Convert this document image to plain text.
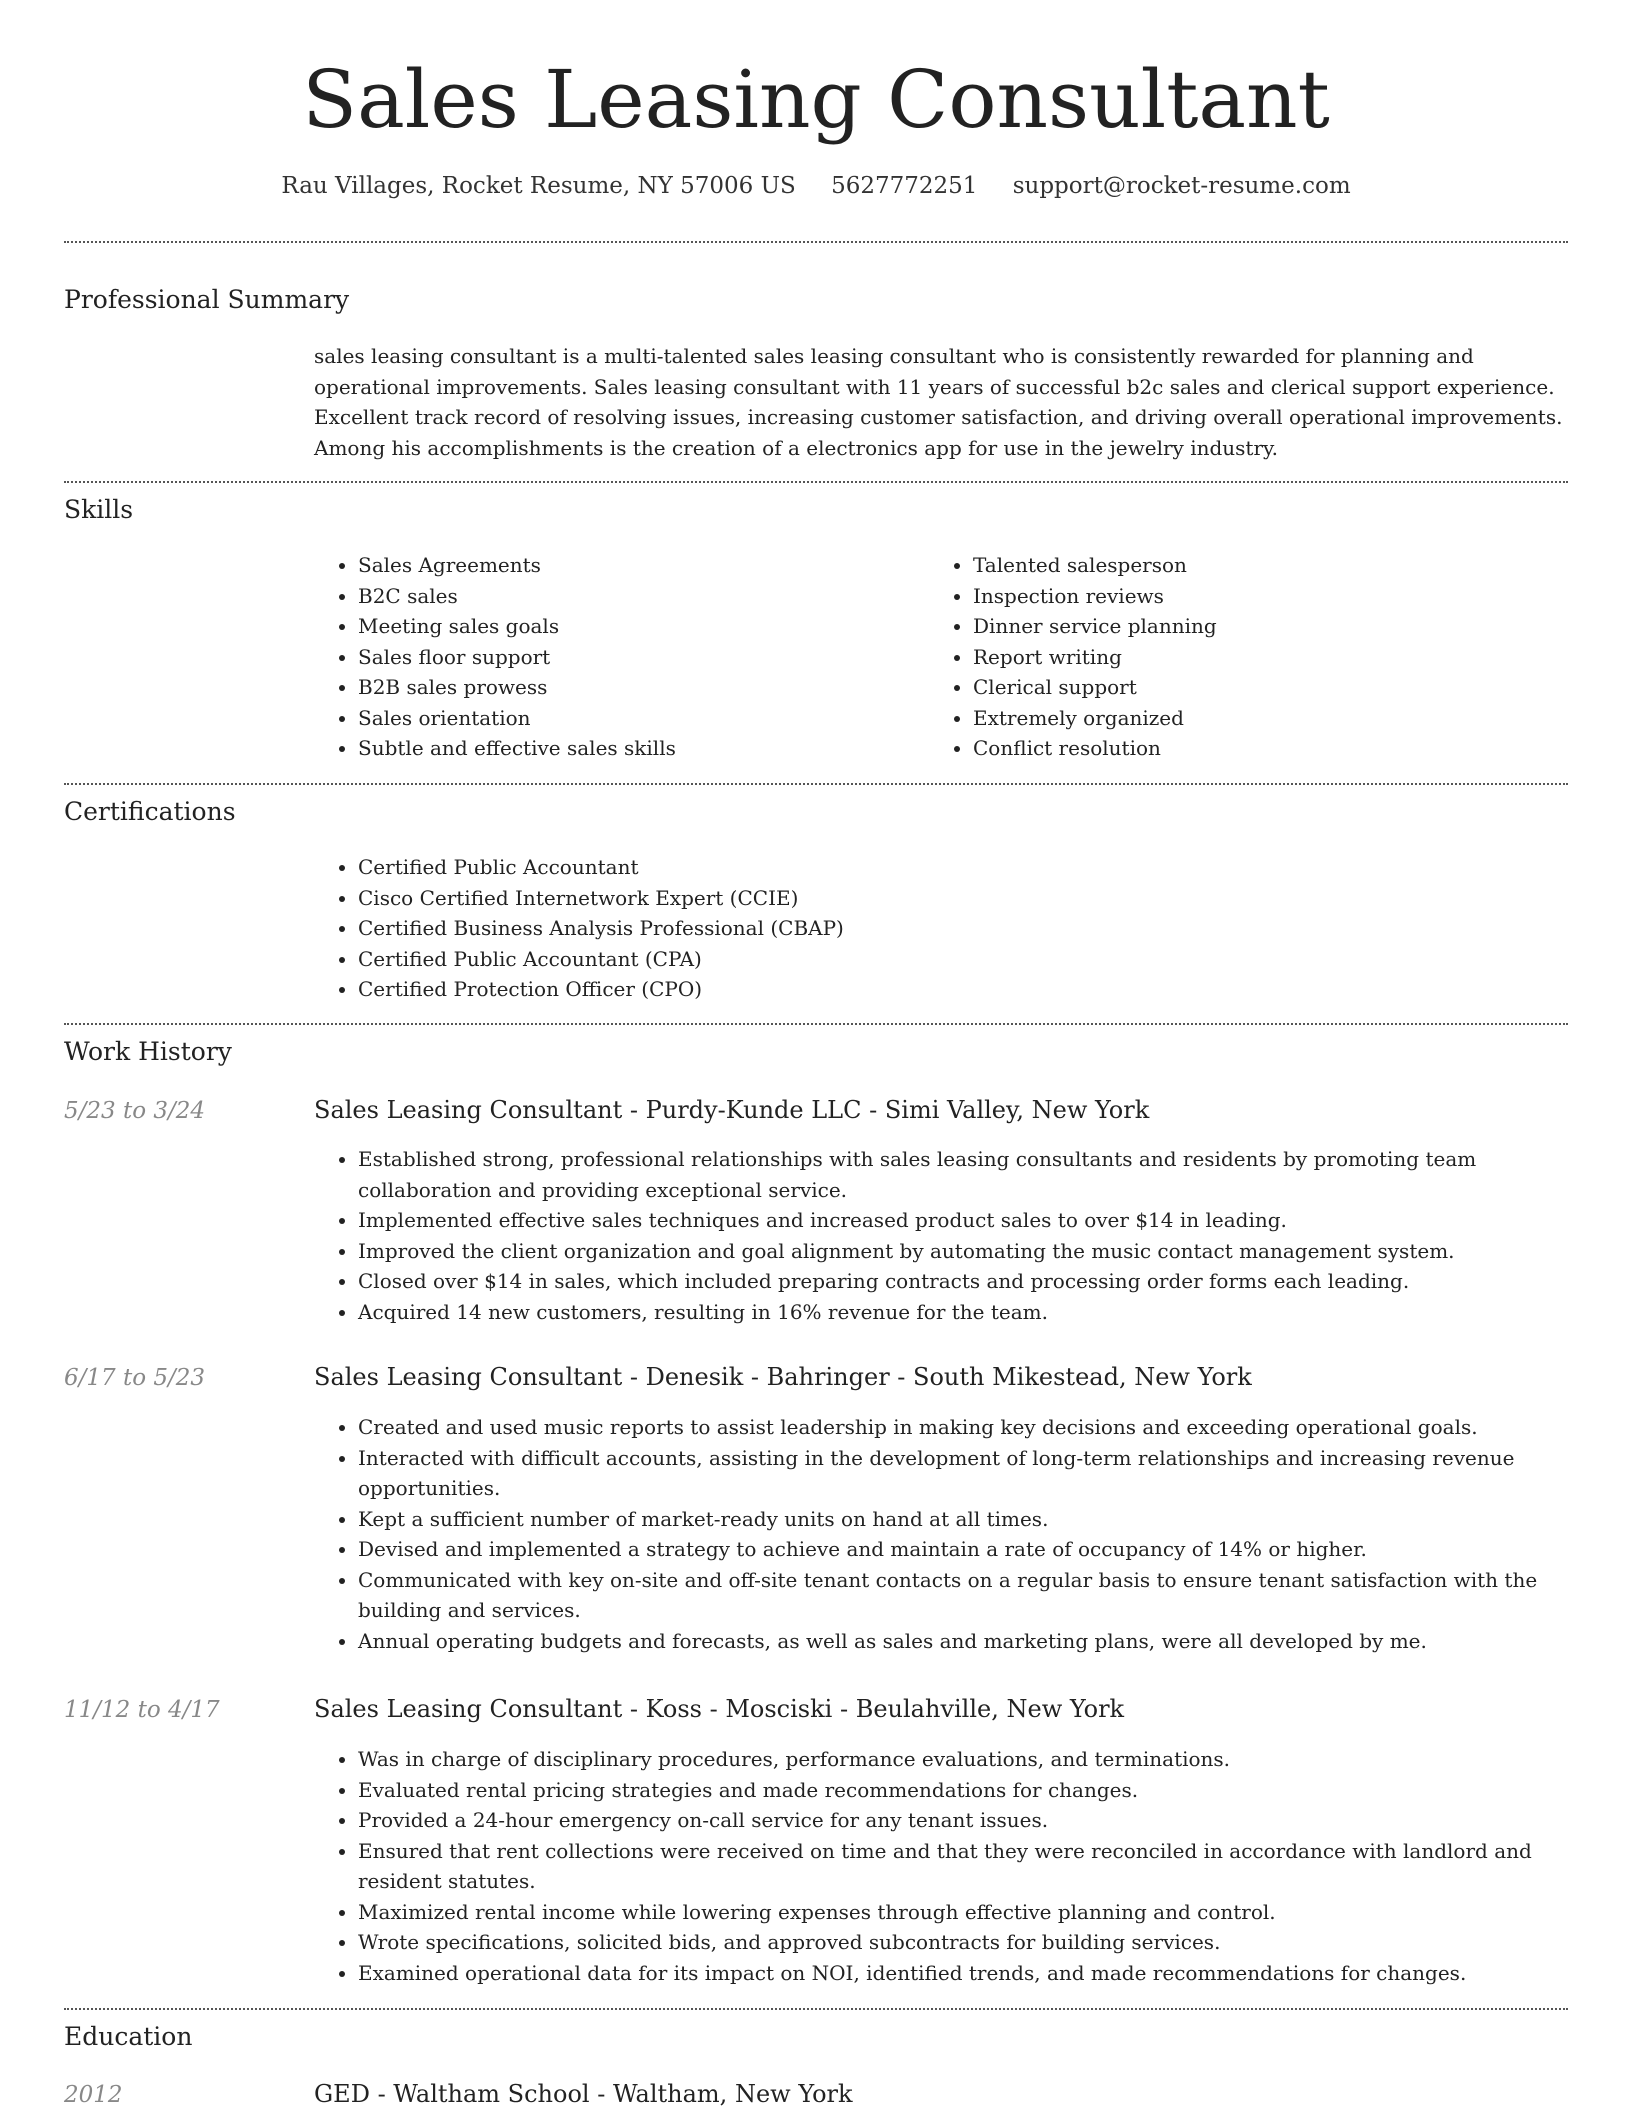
Sales Leasing Consultant
Rau Villages, Rocket Resume, NY 57006 US 5627772251 support@rocket-resume.com
Professional Summary

sales leasing consultant is a multi-talented sales leasing consultant who is consistently rewarded for planning and operational improvements. Sales leasing consultant with 11 years of successful b2c sales and clerical support experience. Excellent track record of resolving issues, increasing customer satisfaction, and driving overall operational improvements. Among his accomplishments is the creation of a electronics app for use in the jewelry industry.

Skills
• Sales Agreements
• B2C sales
• Meeting sales goals
• Sales floor support
• B2B sales prowess
• Sales orientation
• Subtle and effective sales skills
• Talented salesperson
• Inspection reviews
• Dinner service planning
• Report writing
• Clerical support
• Extremely organized
• Conflict resolution
Certifications
• Certified Public Accountant
• Cisco Certified Internetwork Expert (CCIE)
• Certified Business Analysis Professional (CBAP)
• Certified Public Accountant (CPA)
• Certified Protection Officer (CPO)
Work History
5/23 to 3/24	Sales Leasing Consultant - Purdy-Kunde LLC - Simi Valley, New York
• Established strong, professional relationships with sales leasing consultants and residents by promoting team collaboration and providing exceptional service.
• Implemented effective sales techniques and increased product sales to over $14 in leading.
• Improved the client organization and goal alignment by automating the music contact management system.
• Closed over $14 in sales, which included preparing contracts and processing order forms each leading.
• Acquired 14 new customers, resulting in 16% revenue for the team.
6/17 to 5/23	Sales Leasing Consultant - Denesik - Bahringer - South Mikestead, New York
• Created and used music reports to assist leadership in making key decisions and exceeding operational goals.
• Interacted with difficult accounts, assisting in the development of long-term relationships and increasing revenue opportunities.
• Kept a sufficient number of market-ready units on hand at all times.
• Devised and implemented a strategy to achieve and maintain a rate of occupancy of 14% or higher.
• Communicated with key on-site and off-site tenant contacts on a regular basis to ensure tenant satisfaction with the building and services.
• Annual operating budgets and forecasts, as well as sales and marketing plans, were all developed by me.
11/12 to 4/17	Sales Leasing Consultant - Koss - Mosciski - Beulahville, New York
• Was in charge of disciplinary procedures, performance evaluations, and terminations.
• Evaluated rental pricing strategies and made recommendations for changes.
• Provided a 24-hour emergency on-call service for any tenant issues.
• Ensured that rent collections were received on time and that they were reconciled in accordance with landlord and resident statutes.
• Maximized rental income while lowering expenses through effective planning and control.
• Wrote specifications, solicited bids, and approved subcontracts for building services.
• Examined operational data for its impact on NOI, identified trends, and made recommendations for changes.
Education
2012	GED - Waltham School - Waltham, New York
